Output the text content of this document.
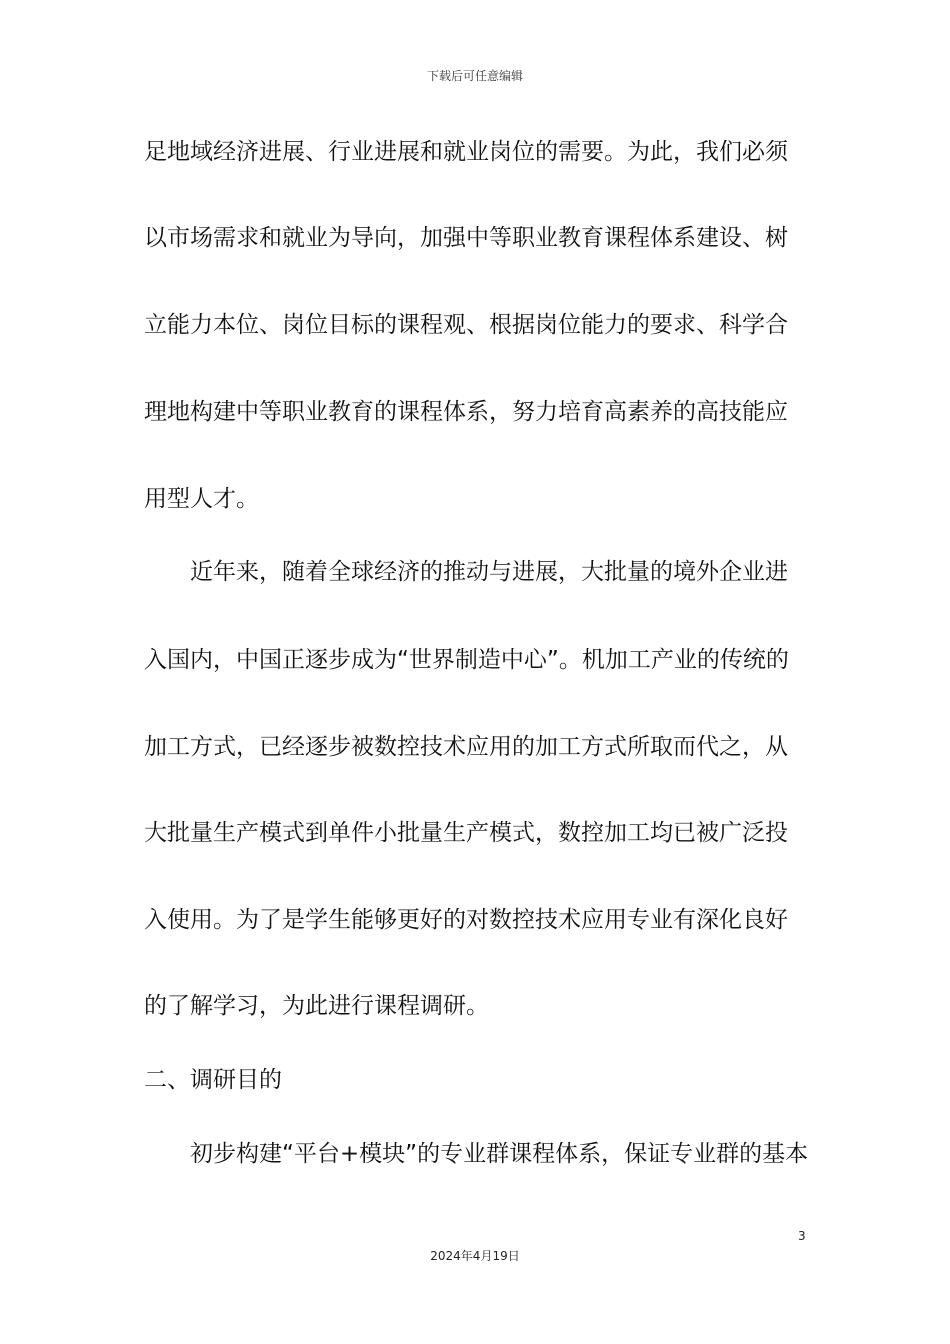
下载后可任意编辑
足地域经济进展、行业进展和就业岗位的需要。为此，我们必须
以市场需求和就业为导向，加强中等职业教育课程体系建设、树
立能力本位、岗位目标的课程观、根据岗位能力的要求、科学合
理地构建中等职业教育的课程体系，努力培育高素养的高技能应
用型人才。
近年来，随着全球经济的推动与进展，大批量的境外企业进
入国内，中国正逐步成为“世界制造中心”。机加工产业的传统的
加工方式，已经逐步被数控技术应用的加工方式所取而代之，从
大批量生产模式到单件小批量生产模式，数控加工均已被广泛投
入使用。为了是学生能够更好的对数控技术应用专业有深化良好
的了解学习，为此进行课程调研。
二、调研目的
初步构建“平台+模块”的专业群课程体系，保证专业群的基本
3
2024年4月19日
